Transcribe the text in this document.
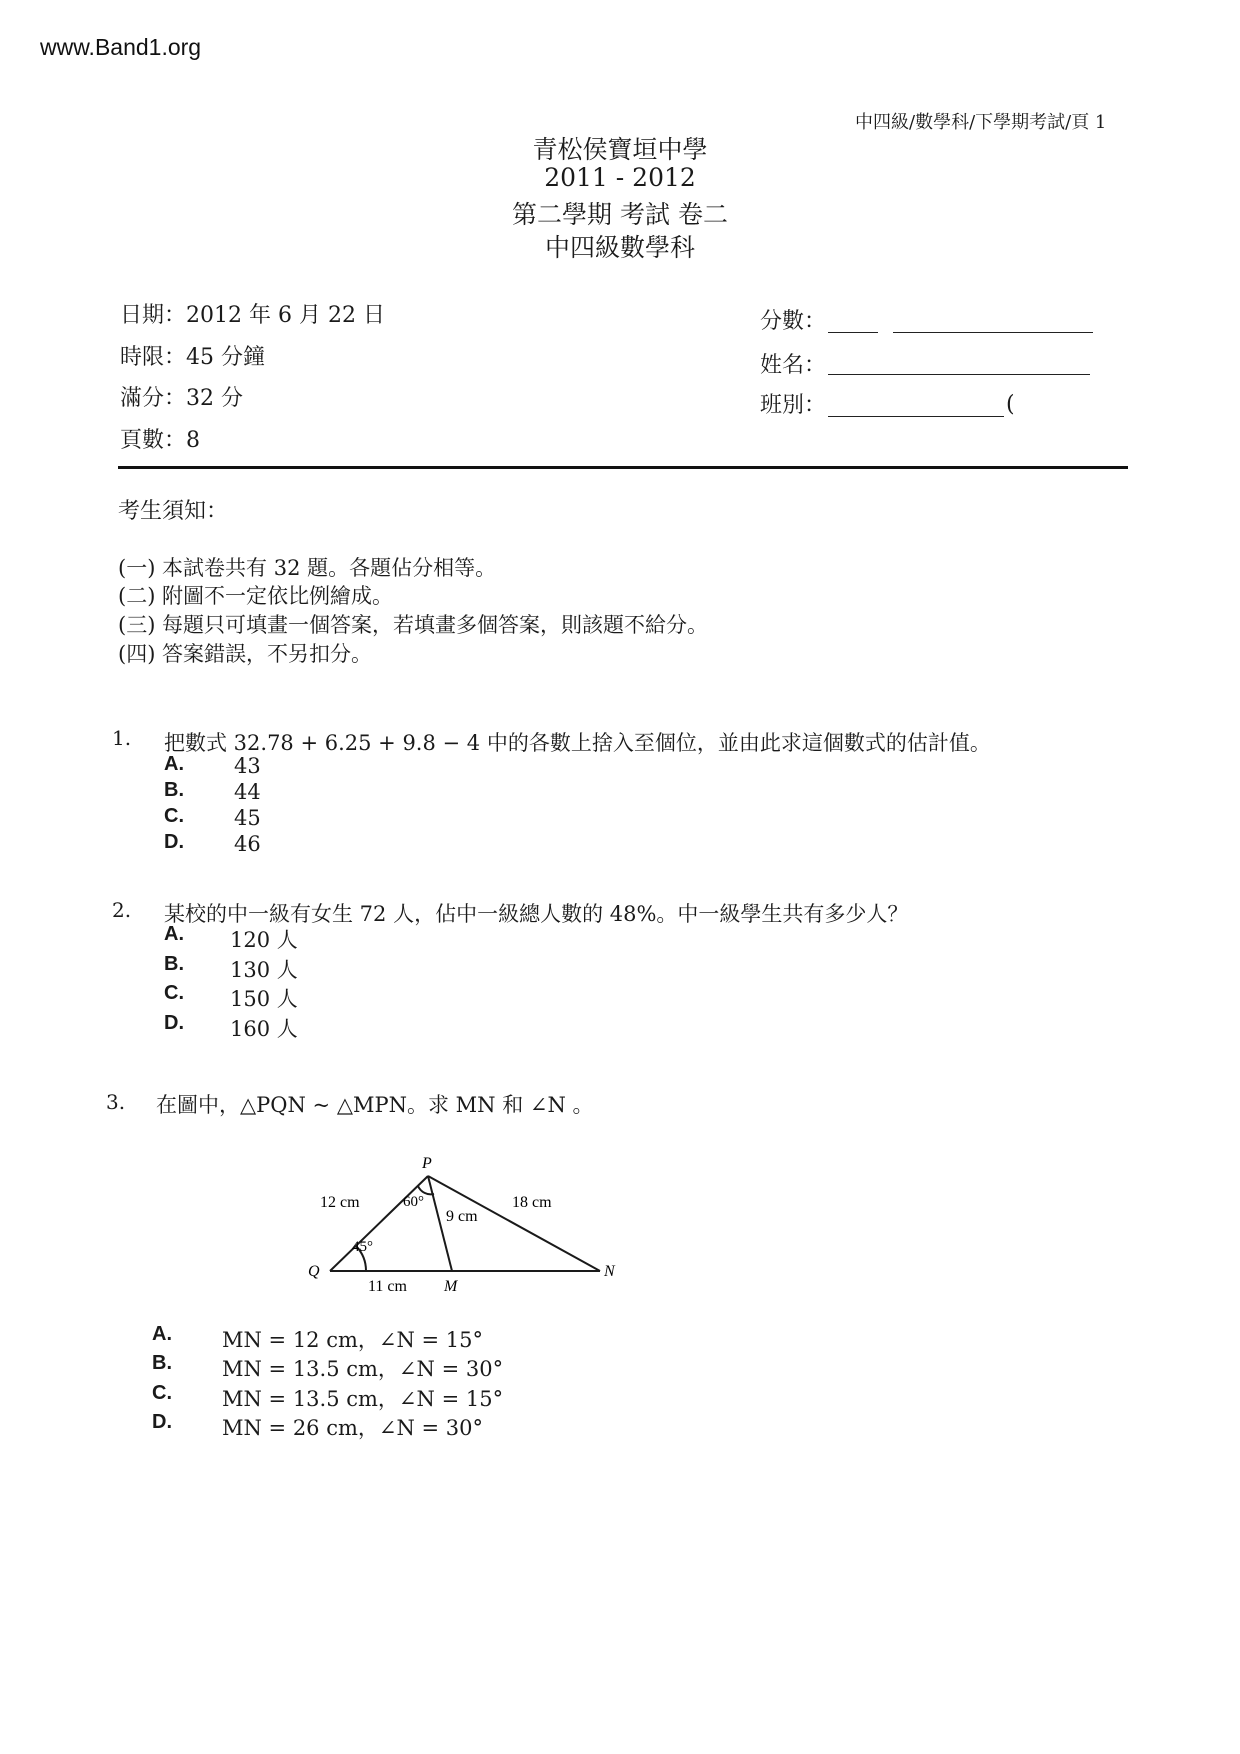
www.Band1.org
中四級/數學科/下學期考試/頁 1
青松侯寶垣中學
2011 - 2012
第二學期 考試 卷二
中四級數學科
日期：2012 年 6 月 22 日
時限：45 分鐘
滿分：32 分
頁數：8
分數：
姓名：
班別：	(
考生須知：
(一) 本試卷共有 32 題。各題佔分相等。
(二) 附圖不一定依比例繪成。
(三) 每題只可填畫一個答案，若填畫多個答案，則該題不給分。
(四) 答案錯誤，不另扣分。
1. 把數式 32.78 + 6.25 + 9.8 − 4 中的各數上捨入至個位，並由此求這個數式的估計值。
A. 43
B. 44
C. 45
D. 46
2. 某校的中一級有女生 72 人，佔中一級總人數的 48%。中一級學生共有多少人？
A. 120 人
B. 130 人
C. 150 人
D. 160 人
3. 在圖中，△PQN ~ △MPN。求 MN 和 ∠N 。
P
Q
M
N
12 cm	18 cm
9 cm
11 cm
60°
45°
A. MN = 12 cm，∠N = 15°
B. MN = 13.5 cm，∠N = 30°
C. MN = 13.5 cm，∠N = 15°
D. MN = 26 cm，∠N = 30°
